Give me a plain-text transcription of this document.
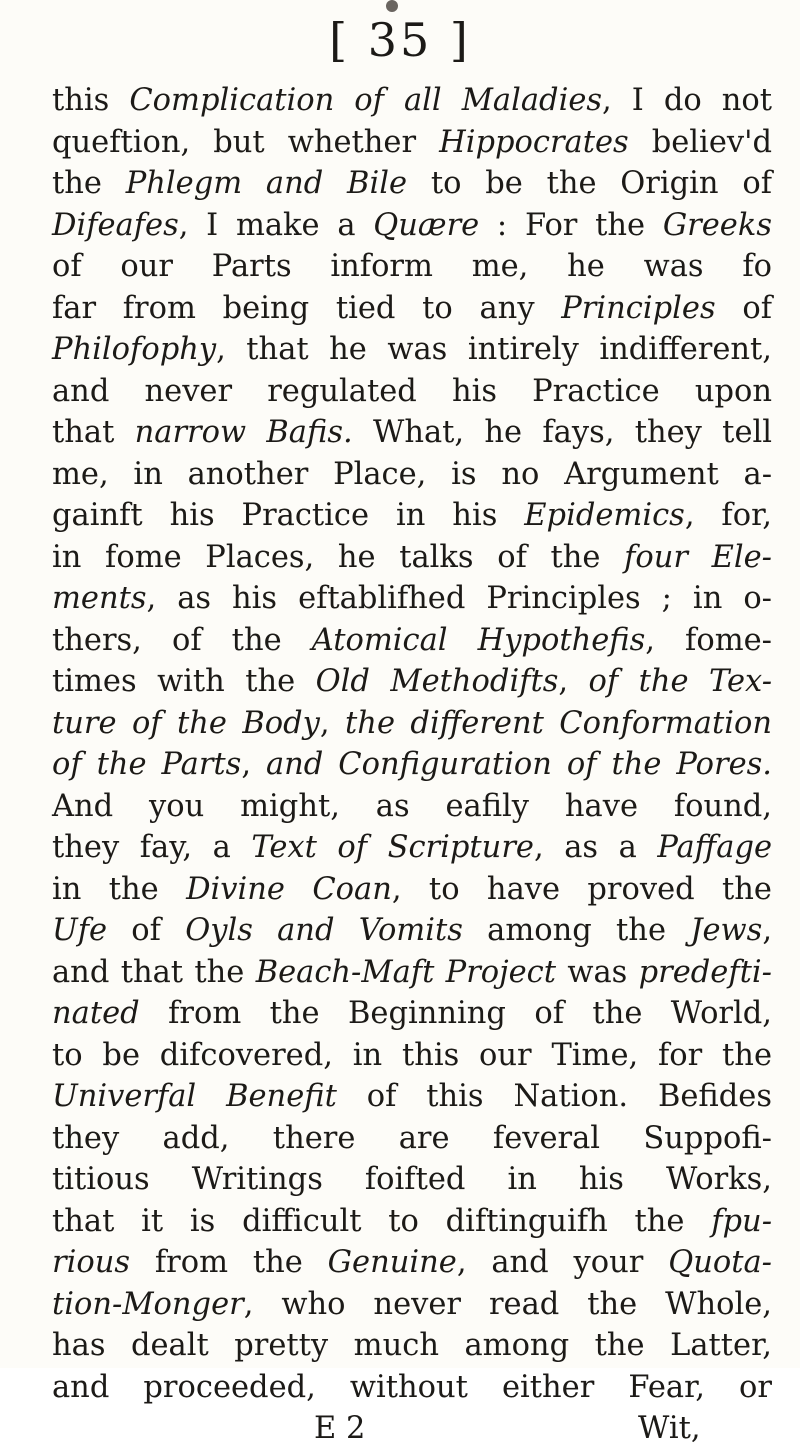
[ 35 ]
this Complication of all Maladies, I do not
queftion, but whether Hippocrates believ'd
the Phlegm and Bile to be the Origin of
Difeafes, I make a Quære : For the Greeks
of our Parts inform me, he was fo
far from being tied to any Principles of
Philofophy, that he was intirely indifferent,
and never regulated his Practice upon
that narrow Bafis. What, he fays, they tell
me, in another Place, is no Argument a-
gainft his Practice in his Epidemics, for,
in fome Places, he talks of the four Ele-
ments, as his eftablifhed Principles ; in o-
thers, of the Atomical Hypothefis, fome-
times with the Old Methodifts, of the Tex-
ture of the Body, the different Conformation
of the Parts, and Configuration of the Pores.
And you might, as eafily have found,
they fay, a Text of Scripture, as a Paffage
in the Divine Coan, to have proved the
Ufe of Oyls and Vomits among the Jews,
and that the Beach-Maft Project was predefti-
nated from the Beginning of the World,
to be difcovered, in this our Time, for the
Univerfal Benefit of this Nation. Befides
they add, there are feveral Suppofi-
titious Writings foifted in his Works,
that it is difficult to diftinguifh the fpu-
rious from the Genuine, and your Quota-
tion-Monger, who never read the Whole,
has dealt pretty much among the Latter,
and proceeded, without either Fear, or
E 2	Wit,
